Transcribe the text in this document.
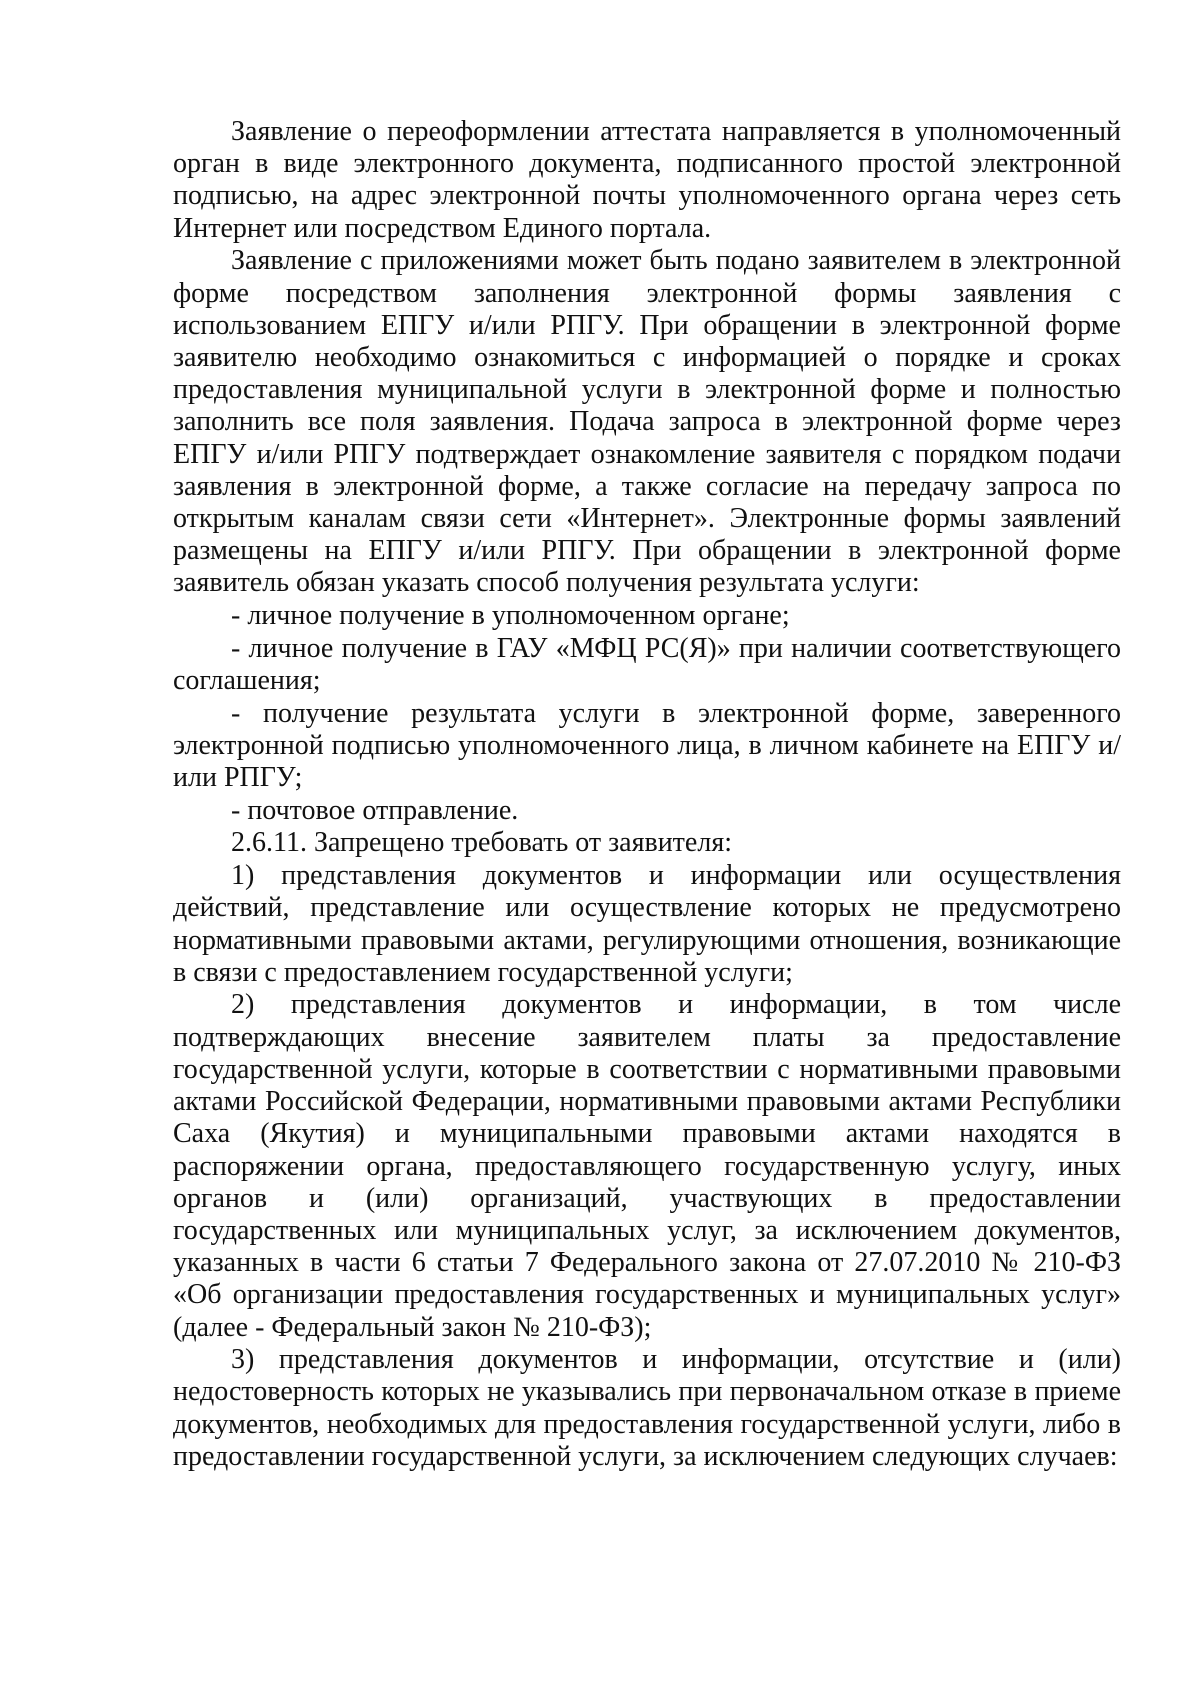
Заявление о переоформлении аттестата направляется в уполномоченный орган в виде электронного документа, подписанного простой электронной подписью, на адрес электронной почты уполномоченного органа через сеть Интернет или посредством Единого портала.

Заявление с приложениями может быть подано заявителем в электронной форме посредством заполнения электронной формы заявления с использованием ЕПГУ и/или РПГУ. При обращении в электронной форме заявителю необходимо ознакомиться с информацией о порядке и сроках предоставления муниципальной услуги в электронной форме и полностью заполнить все поля заявления. Подача запроса в электронной форме через ЕПГУ и/или РПГУ подтверждает ознакомление заявителя с порядком подачи заявления в электронной форме, а также согласие на передачу запроса по открытым каналам связи сети «Интернет». Электронные формы заявлений размещены на ЕПГУ и/или РПГУ. При обращении в электронной форме заявитель обязан указать способ получения результата услуги:

- личное получение в уполномоченном органе;

- личное получение в ГАУ «МФЦ РС(Я)» при наличии соответствующего соглашения;

- получение результата услуги в электронной форме, заверенного электронной подписью уполномоченного лица, в личном кабинете на ЕПГУ и/или РПГУ;

- почтовое отправление.

2.6.11. Запрещено требовать от заявителя:

1) представления документов и информации или осуществления действий, представление или осуществление которых не предусмотрено нормативными правовыми актами, регулирующими отношения, возникающие в связи с предоставлением государственной услуги;

2) представления документов и информации, в том числе подтверждающих внесение заявителем платы за предоставление государственной услуги, которые в соответствии с нормативными правовыми актами Российской Федерации, нормативными правовыми актами Республики Саха (Якутия) и муниципальными правовыми актами находятся в распоряжении органа, предоставляющего государственную услугу, иных органов и (или) организаций, участвующих в предоставлении государственных или муниципальных услуг, за исключением документов, указанных в части 6 статьи 7 Федерального закона от 27.07.2010 № 210-ФЗ «Об организации предоставления государственных и муниципальных услуг» (далее - Федеральный закон № 210-ФЗ);

3) представления документов и информации, отсутствие и (или) недостоверность которых не указывались при первоначальном отказе в приеме документов, необходимых для предоставления государственной услуги, либо в предоставлении государственной услуги, за исключением следующих случаев:
